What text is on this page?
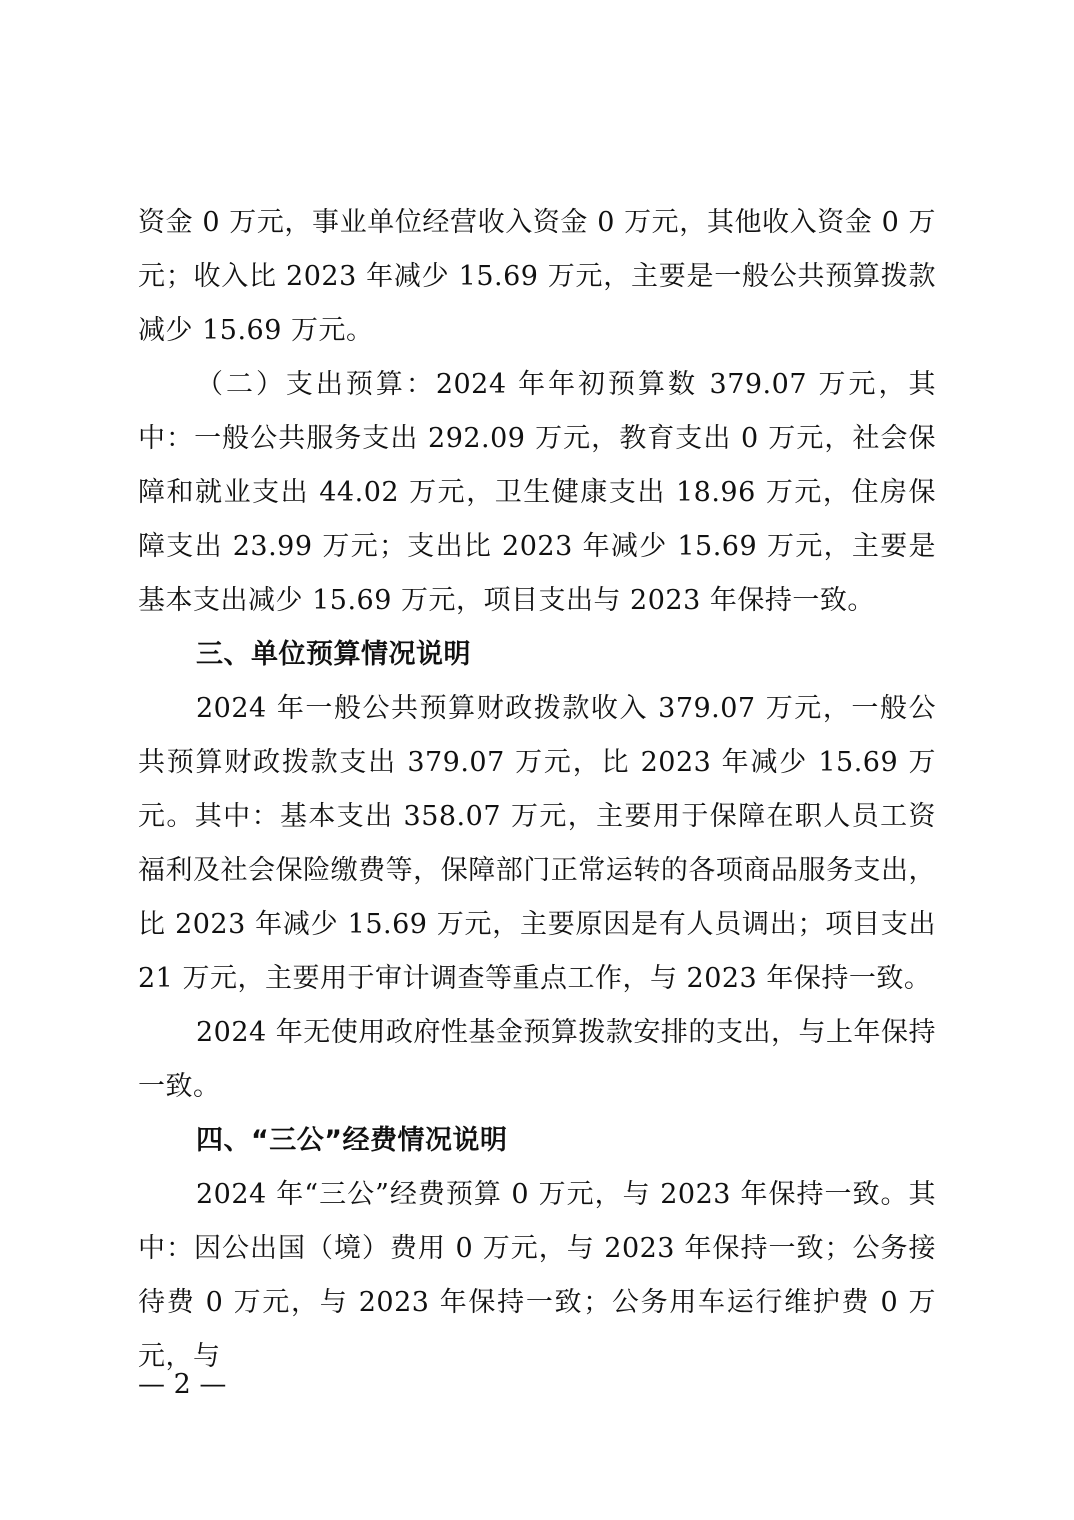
资金 0 万元，事业单位经营收入资金 0 万元，其他收入资金 0 万元；收入比 2023 年减少 15.69 万元，主要是一般公共预算拨款减少 15.69 万元。

（二）支出预算：2024 年年初预算数 379.07 万元，其中：一般公共服务支出 292.09 万元，教育支出 0 万元，社会保障和就业支出 44.02 万元，卫生健康支出 18.96 万元，住房保障支出 23.99 万元；支出比 2023 年减少 15.69 万元，主要是基本支出减少 15.69 万元，项目支出与 2023 年保持一致。

三、单位预算情况说明

2024 年一般公共预算财政拨款收入 379.07 万元，一般公共预算财政拨款支出 379.07 万元，比 2023 年减少 15.69 万元。其中：基本支出 358.07 万元，主要用于保障在职人员工资福利及社会保险缴费等，保障部门正常运转的各项商品服务支出，比 2023 年减少 15.69 万元，主要原因是有人员调出；项目支出 21 万元，主要用于审计调查等重点工作，与 2023 年保持一致。

2024 年无使用政府性基金预算拨款安排的支出，与上年保持一致。

四、“三公”经费情况说明

2024 年“三公”经费预算 0 万元，与 2023 年保持一致。其中：因公出国（境）费用 0 万元，与 2023 年保持一致；公务接待费 0 万元，与 2023 年保持一致；公务用车运行维护费 0 万元，与

— 2 —
